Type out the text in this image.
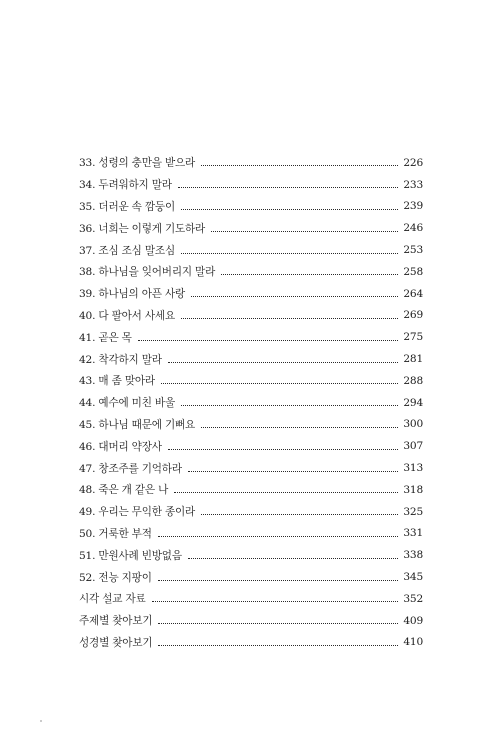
33. 성령의 충만을 받으라	226
34. 두려워하지 말라	233
35. 더러운 속 깜둥이	239
36. 너희는 이렇게 기도하라	246
37. 조심 조심 말조심	253
38. 하나님을 잊어버리지 말라	258
39. 하나님의 아픈 사랑	264
40. 다 팔아서 사세요	269
41. 곧은 목	275
42. 착각하지 말라	281
43. 매 좀 맞아라	288
44. 예수에 미친 바울	294
45. 하나님 때문에 기뻐요	300
46. 대머리 약장사	307
47. 창조주를 기억하라	313
48. 죽은 개 같은 나	318
49. 우리는 무익한 종이라	325
50. 거룩한 부적	331
51. 만원사례 빈방없음	338
52. 전능 지팡이	345
시각 설교 자료	352
주제별 찾아보기	409
성경별 찾아보기	410
